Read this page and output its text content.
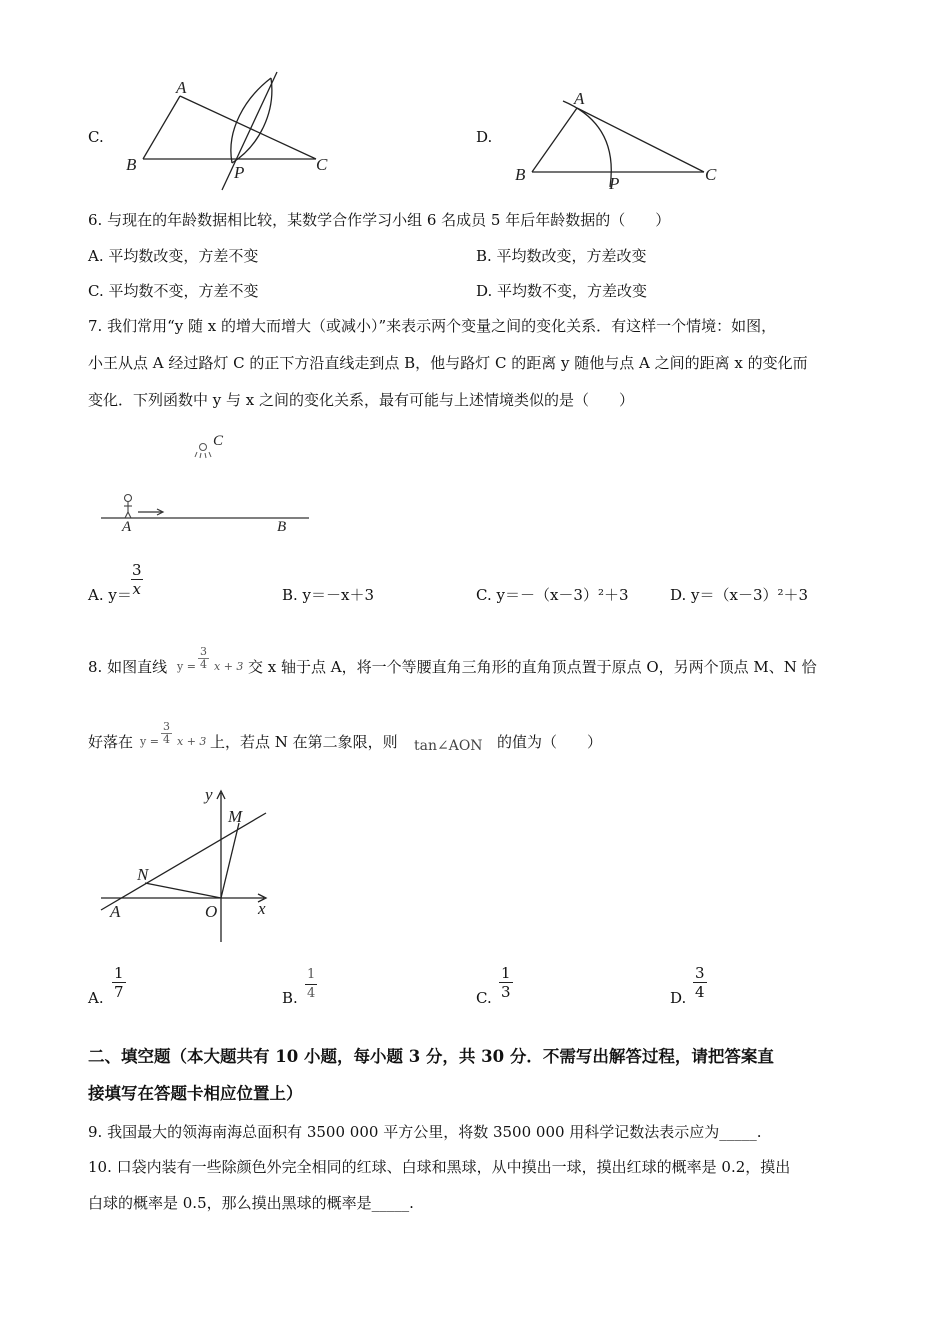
C.
A
B	C
P
D.
A
B	C
P
6. 与现在的年龄数据相比较，某数学合作学习小组 6 名成员 5 年后年龄数据的（　　）
A. 平均数改变，方差不变	B. 平均数改变，方差改变
C. 平均数不变，方差不变	D. 平均数不变，方差改变
7. 我们常用“y 随 x 的增大而增大（或减小）”来表示两个变量之间的变化关系．有这样一个情境：如图，
小王从点 A 经过路灯 C 的正下方沿直线走到点 B，他与路灯 C 的距离 y 随他与点 A 之间的距离 x 的变化而
变化．下列函数中 y 与 x 之间的变化关系，最有可能与上述情境类似的是（　　）
C
A	B
A. y＝
$\frac{3}{x}$	B. y＝－x＋3	C. y＝－（x－3）²＋3	D. y＝（x－3）²＋3
8. 如图直线 $y = \frac{3}{4}$ x + 3 交 x 轴于点 A，将一个等腰直角三角形的直角顶点置于原点 O，另两个顶点 M、N 恰
好落在 $y = \frac{3}{4}$ x + 3 上，若点 N 在第二象限，则 tan∠AON 的值为（　　）
y
M
N
A	O x
A. $\frac{1}{7}$	B. $\frac{1}{4}$	C. $\frac{1}{3}$	D. $\frac{3}{4}$
二、填空题（本大题共有 10 小题，每小题 3 分，共 30 分．不需写出解答过程，请把答案直
接填写在答题卡相应位置上）
9. 我国最大的领海南海总面积有 3500 000 平方公里，将数 3500 000 用科学记数法表示应为_____.
10. 口袋内装有一些除颜色外完全相同的红球、白球和黑球，从中摸出一球，摸出红球的概率是 0.2，摸出
白球的概率是 0.5，那么摸出黑球的概率是_____.
